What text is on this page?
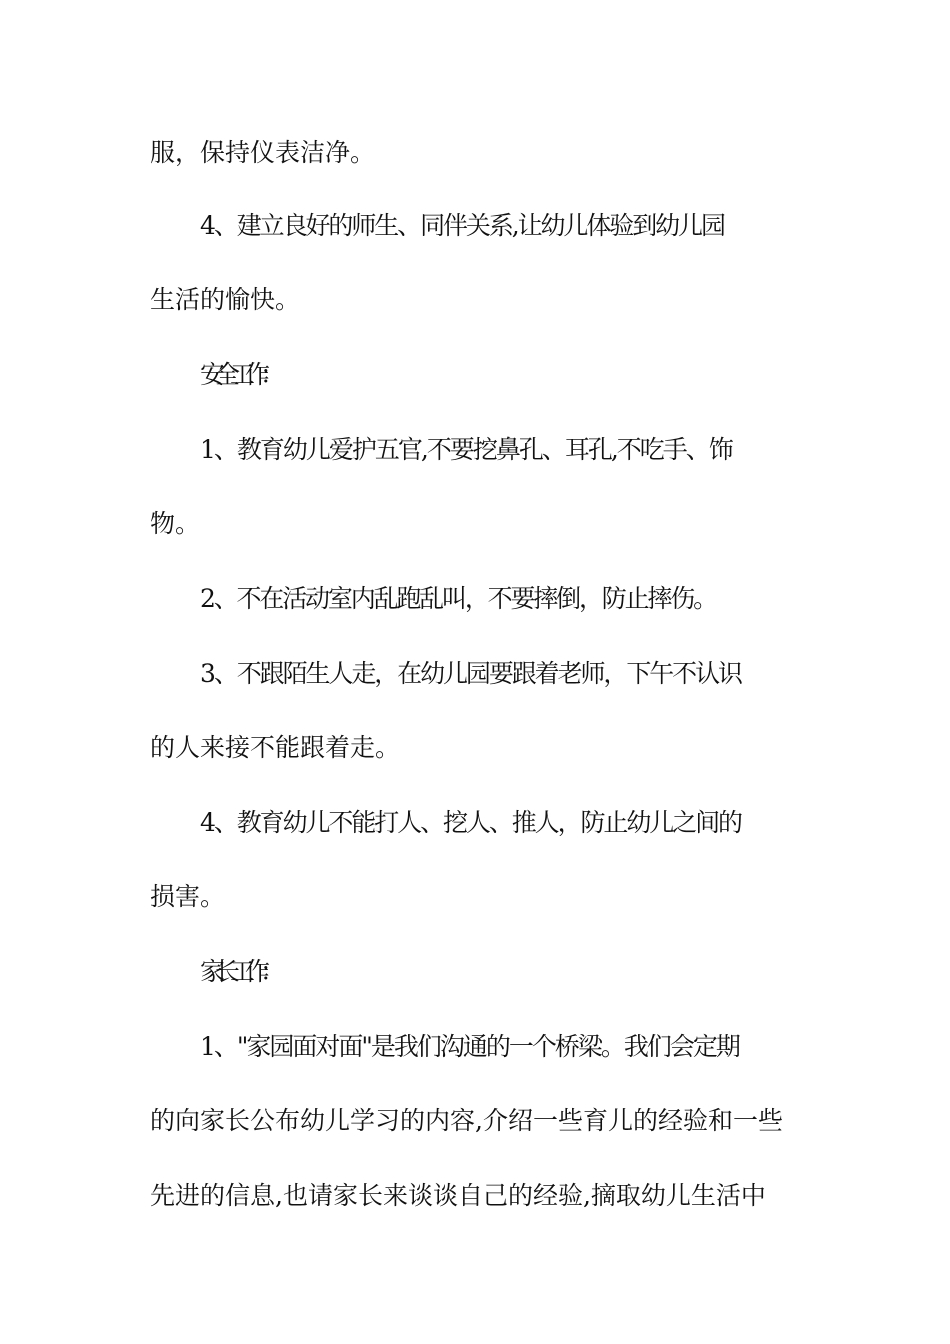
服，保持仪表洁净。
4、建立良好的师生、同伴关系,让幼儿体验到幼儿园
生活的愉快。
安全工作：
1、教育幼儿爱护五官,不要挖鼻孔、耳孔,不吃手、饰
物。
2、不在活动室内乱跑乱叫，不要摔倒，防止摔伤。
3、不跟陌生人走，在幼儿园要跟着老师，下午不认识
的人来接不能跟着走。
4、教育幼儿不能打人、挖人、推人，防止幼儿之间的
损害。
家长工作：
1、"家园面对面"是我们沟通的一个桥梁。我们会定期
的向家长公布幼儿学习的内容,介绍一些育儿的经验和一些
先进的信息,也请家长来谈谈自己的经验,摘取幼儿生活中
